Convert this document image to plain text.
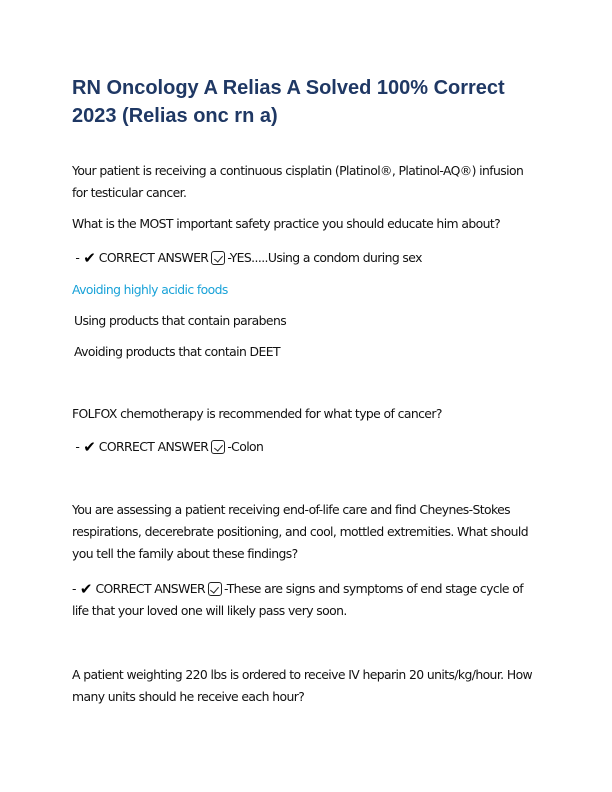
RN Oncology A Relias A Solved 100% Correct 2023 (Relias onc rn a)

Your patient is receiving a continuous cisplatin (Platinol®, Platinol-AQ®) infusion for testicular cancer.

What is the MOST important safety practice you should educate him about?

- ✔ CORRECT ANSWER -YES.....Using a condom during sex

Avoiding highly acidic foods

Using products that contain parabens

Avoiding products that contain DEET

FOLFOX chemotherapy is recommended for what type of cancer?

- ✔ CORRECT ANSWER -Colon

You are assessing a patient receiving end-of-life care and find Cheynes-Stokes respirations, decerebrate positioning, and cool, mottled extremities. What should you tell the family about these findings?

- ✔ CORRECT ANSWER -These are signs and symptoms of end stage cycle of life that your loved one will likely pass very soon.

A patient weighting 220 lbs is ordered to receive IV heparin 20 units/kg/hour. How many units should he receive each hour?
